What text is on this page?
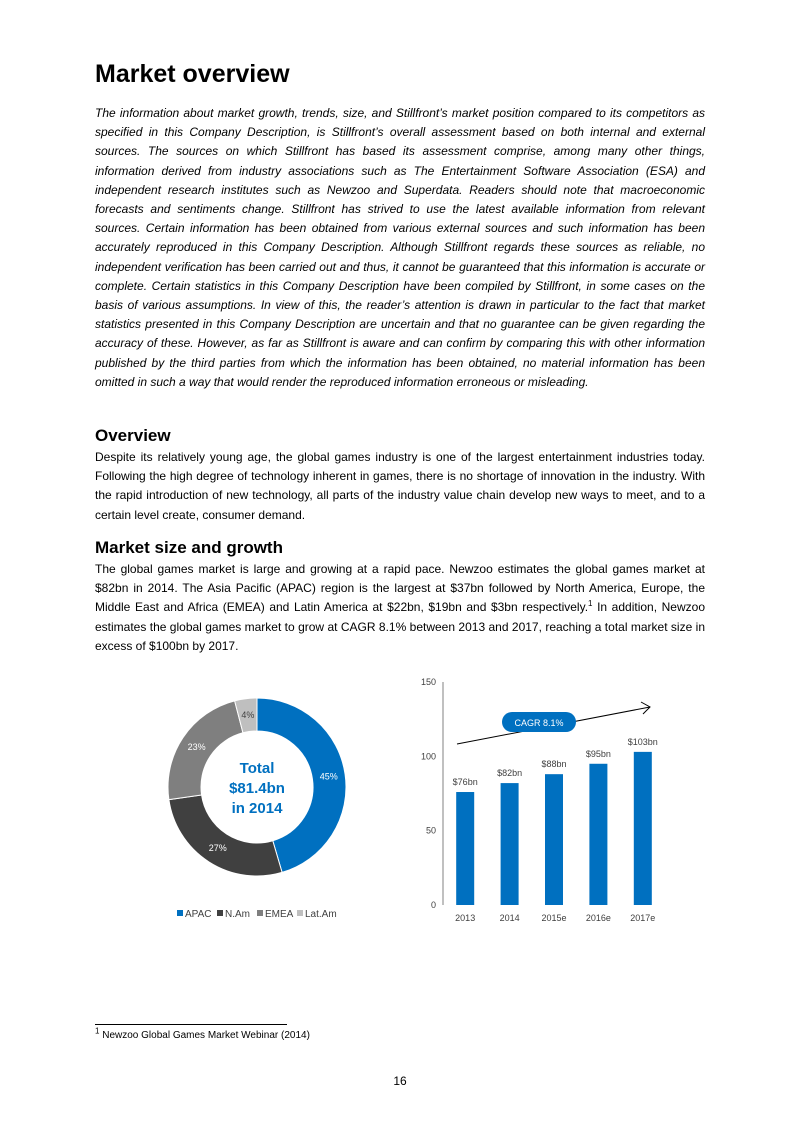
Market overview

The information about market growth, trends, size, and Stillfront’s market position compared to its competitors as specified in this Company Description, is Stillfront’s overall assessment based on both internal and external sources. The sources on which Stillfront has based its assessment comprise, among many other things, information derived from industry associations such as The Entertainment Software Association (ESA) and independent research institutes such as Newzoo and Superdata. Readers should note that macroeconomic forecasts and sentiments change. Stillfront has strived to use the latest available information from relevant sources. Certain information has been obtained from various external sources and such information has been accurately reproduced in this Company Description. Although Stillfront regards these sources as reliable, no independent verification has been carried out and thus, it cannot be guaranteed that this information is accurate or complete. Certain statistics in this Company Description have been compiled by Stillfront, in some cases on the basis of various assumptions. In view of this, the reader’s attention is drawn in particular to the fact that market statistics presented in this Company Description are uncertain and that no guarantee can be given regarding the accuracy of these. However, as far as Stillfront is aware and can confirm by comparing this with other information published by the third parties from which the information has been obtained, no material information has been omitted in such a way that would render the reproduced information erroneous or misleading.

Overview

Despite its relatively young age, the global games industry is one of the largest entertainment industries today. Following the high degree of technology inherent in games, there is no shortage of innovation in the industry. With the rapid introduction of new technology, all parts of the industry value chain develop new ways to meet, and to a certain level create, consumer demand.

Market size and growth

The global games market is large and growing at a rapid pace. Newzoo estimates the global games market at $82bn in 2014. The Asia Pacific (APAC) region is the largest at $37bn followed by North America, Europe, the Middle East and Africa (EMEA) and Latin America at $22bn, $19bn and $3bn respectively.$^1$ In addition, Newzoo estimates the global games market to grow at CAGR 8.1% between 2013 and 2017, reaching a total market size in excess of $100bn by 2017.

45%
27%
23%
4%
Total
$81.4bn
in 2014
APAC N.Am EMEA Lat.Am
0
50
100
150
$76bn
2013
$82bn
2014
$88bn
2015e
$95bn
2016e
$103bn
2017e
CAGR 8.1%
$^1$ Newzoo Global Games Market Webinar (2014)
16
